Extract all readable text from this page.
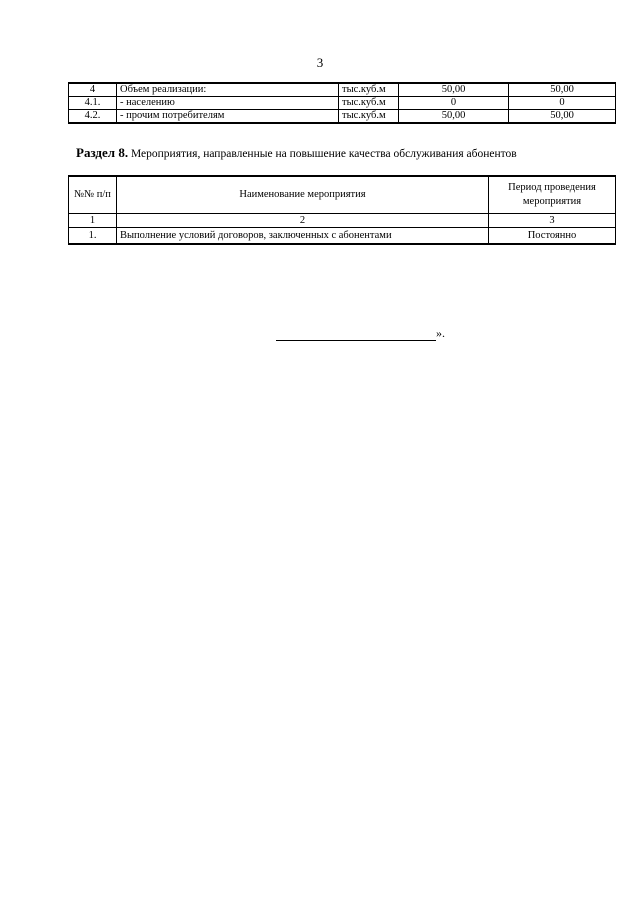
3
4	Объем реализации:	тыс.куб.м	50,00	50,00
4.1.	- населению	тыс.куб.м	0	0
4.2.	- прочим потребителям	тыс.куб.м	50,00	50,00
Раздел 8. Мероприятия, направленные на повышение качества обслуживания абонентов
№№ п/п	Наименование мероприятия	Период проведения мероприятия
1	2	3
1.	Выполнение условий договоров, заключенных с абонентами	Постоянно
».
